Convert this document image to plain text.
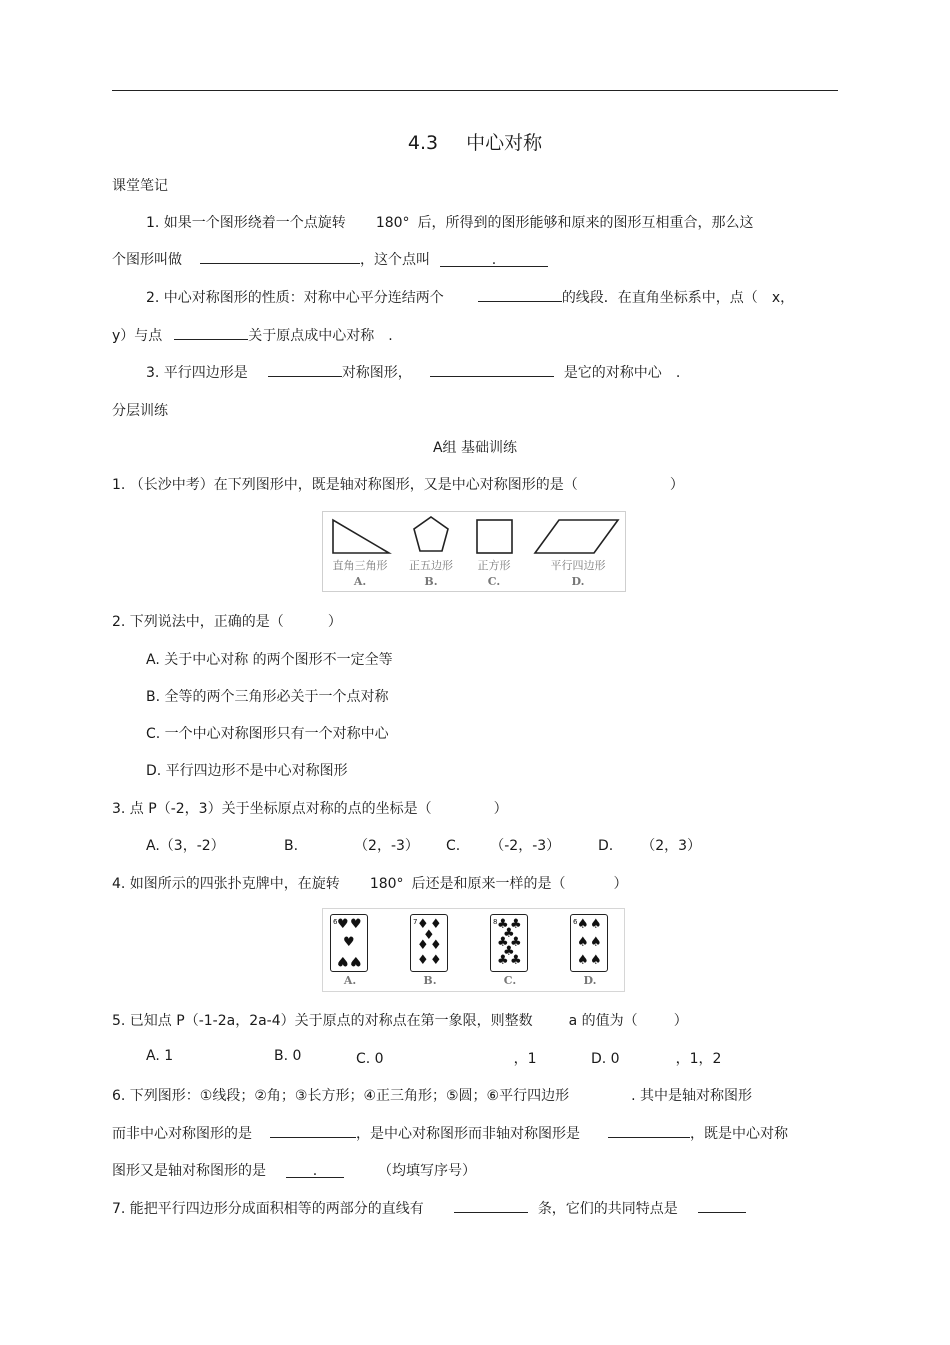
4.3 中心对称
课堂笔记
1. 如果一个图形绕着一个点旋转 180° 后，所得到的图形能够和原来的图形互相重合，那么这
个图形叫做	，这个点叫	.
2. 中心对称图形的性质：对称中心平分连结两个	的线段．在直角坐标系中，点（ x，
y）与点	关于原点成中心对称 .
3. 平行四边形是	对称图形，	是它的对称中心 .
分层训练
A组 基础训练
1. （长沙中考）在下列图形中，既是轴对称图形，又是中心对称图形的是（	）
直角三角形
A.
正五边形
B.
正方形
C.
平行四边形
D.
2. 下列说法中，正确的是（	）
A. 关于中心对称 的两个图形不一定全等
B. 全等的两个三角形必关于一个点对称
C. 一个中心对称图形只有一个对称中心
D. 平行四边形不是中心对称图形
3. 点 P（-2，3）关于坐标原点对称的点的坐标是（	）
A.（3，-2）	B.	（2，-3） C. （-2，-3）	D. （2，3）
4. 如图所示的四张扑克牌中，在旋转 180° 后还是和原来一样的是（	）
6 ♥ ♥
♥
♥ ♥
A.
7 ♦ ♦
♦
♦ ♦
♦ ♦
B.
8 ♣ ♣
♣
♣ ♣
♣
♣ ♣
C.
6 ♠ ♠
♠ ♠
♠ ♠
D.
5. 已知点 P（-1-2a，2a-4）关于原点的对称点在第一象限，则整数	a 的值为（	）
A. 1	B. 0	C. 0	，1	D. 0	，1，2
6. 下列图形：①线段；②角；③长方形；④正三角形；⑤圆；⑥平行四边形	. 其中是轴对称图形
而非中心对称图形的是	，是中心对称图形而非轴对称图形是	，既是中心对称
图形又是轴对称图形的是	.	（均填写序号）
7. 能把平行四边形分成面积相等的两部分的直线有	条，它们的共同特点是
